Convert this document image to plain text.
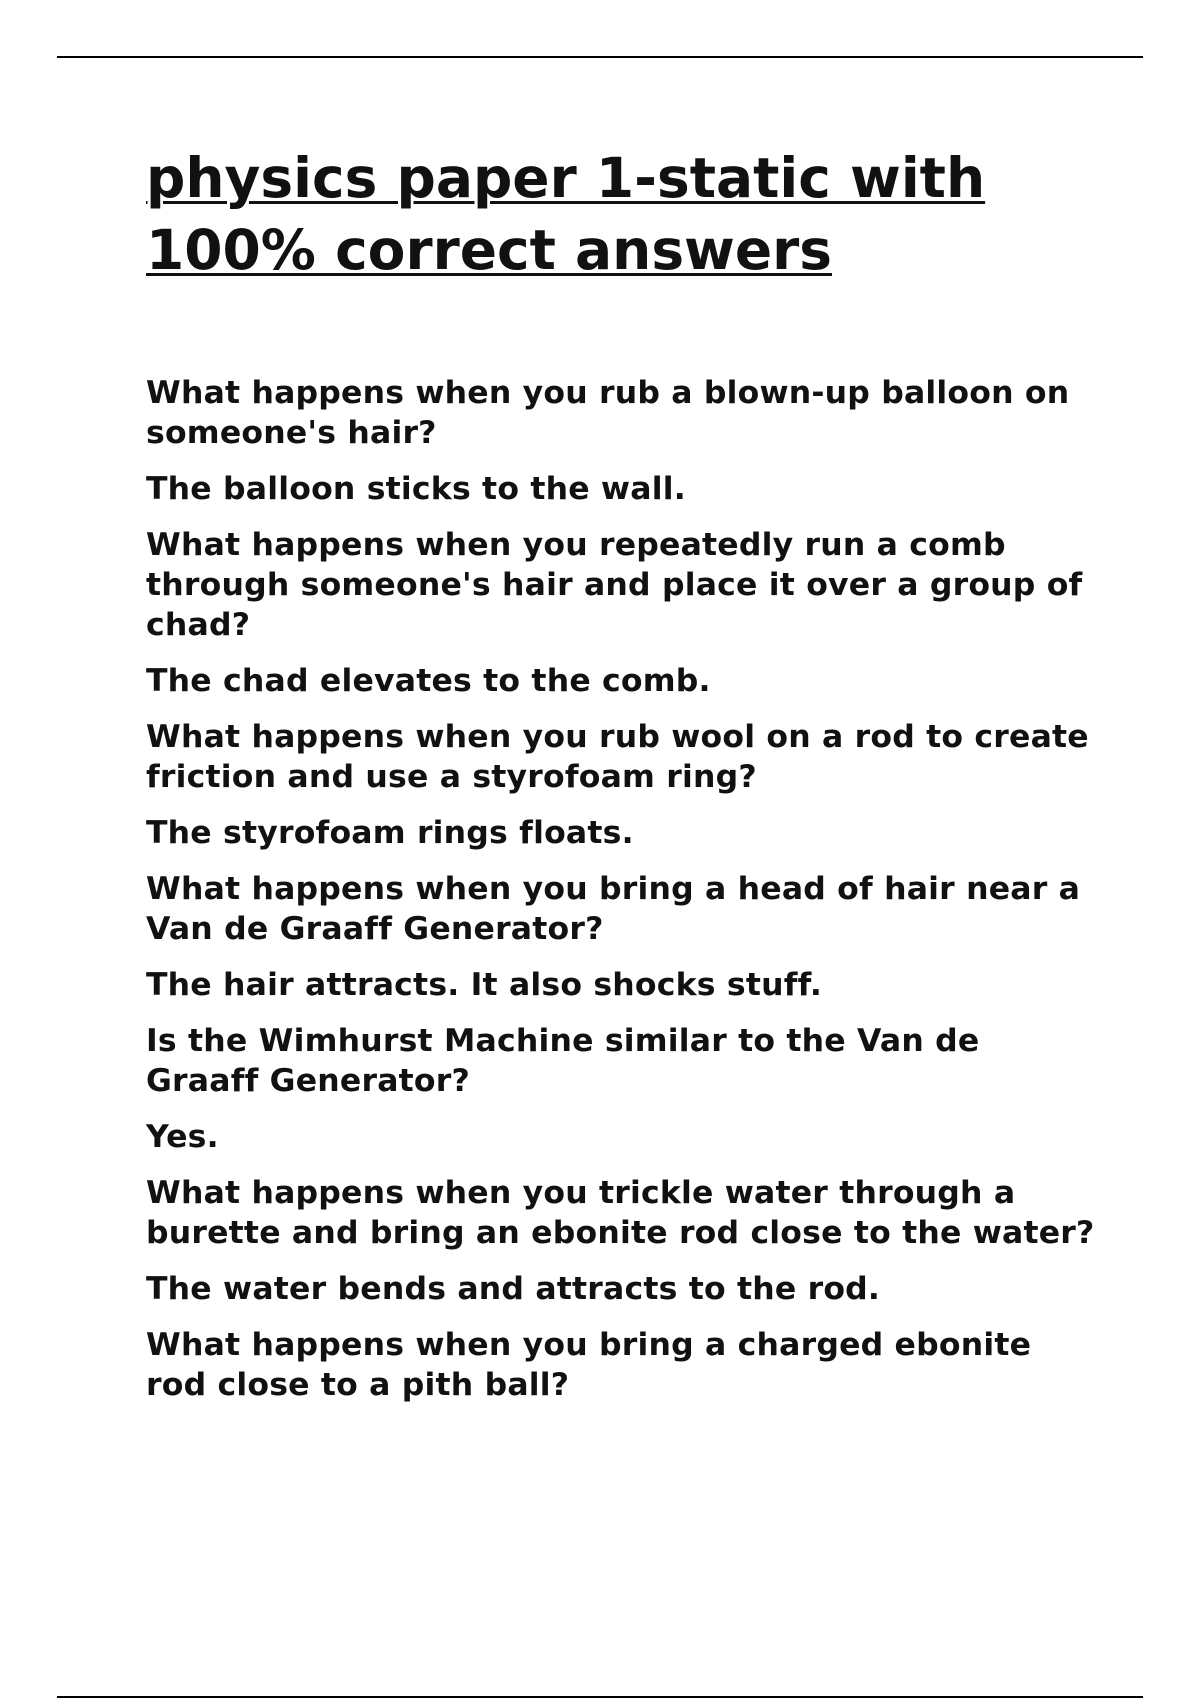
physics paper 1-static with 100% correct answers

What happens when you rub a blown-up balloon on someone's hair?

The balloon sticks to the wall.

What happens when you repeatedly run a comb through someone's hair and place it over a group of chad?

The chad elevates to the comb.

What happens when you rub wool on a rod to create friction and use a styrofoam ring?

The styrofoam rings floats.

What happens when you bring a head of hair near a Van de Graaff Generator?

The hair attracts. It also shocks stuff.

Is the Wimhurst Machine similar to the Van de Graaff Generator?

Yes.

What happens when you trickle water through a burette and bring an ebonite rod close to the water?

The water bends and attracts to the rod.

What happens when you bring a charged ebonite rod close to a pith ball?
